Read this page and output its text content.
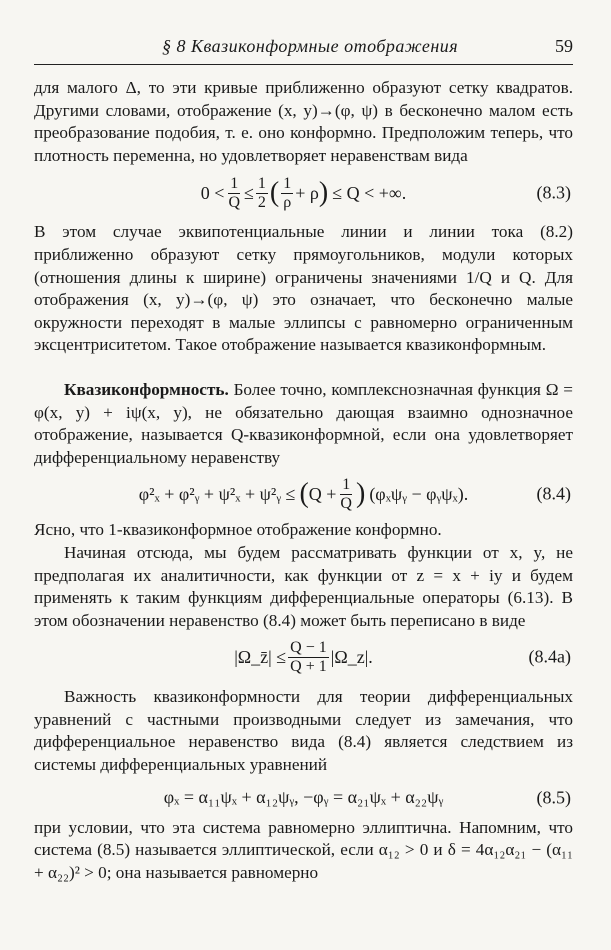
§ 8 Квазиконформные отображения	59

для малого Δ, то эти кривые приближенно образуют сетку квадратов. Другими словами, отображение (x, y)→(φ, ψ) в бесконечно малом есть преобразование подобия, т. е. оно конформно. Предположим теперь, что плотность переменна, но удовлетворяет неравенствам вида

$0 < \frac{1}{Q} \le \frac{1}{2}$ ( $\frac{1}{\rho} + \rho$ ) ≤ Q < +∞.	(8.3)

В этом случае эквипотенциальные линии и линии тока (8.2) приближенно образуют сетку прямоугольников, модули которых (отношения длины к ширине) ограничены значениями 1/Q и Q. Для отображения (x, y)→(φ, ψ) это означает, что бесконечно малые окружности переходят в малые эллипсы с равномерно ограниченным эксцентриситетом. Такое отображение называется квазиконформным.

Квазиконформность. Более точно, комплекснозначная функция Ω = φ(x, y) + iψ(x, y), не обязательно дающая взаимно однозначное отображение, называется Q-квазиконформной, если она удовлетворяет дифференциальному неравенству

φ²ₓ + φ²ᵧ + ψ²ₓ + ψ²ᵧ ≤ ( $Q + \frac{1}{Q}$ ) (φₓψᵧ − φᵧψₓ).	(8.4)

Ясно, что 1-квазиконформное отображение конформно.

Начиная отсюда, мы будем рассматривать функции от x, y, не предполагая их аналитичности, как функции от z = x + iy и будем применять к таким функциям дифференциальные операторы (6.13). В этом обозначении неравенство (8.4) может быть переписано в виде

|Ω_z̄| ≤ $\frac{Q - 1}{Q + 1}$ |Ω_z|.	(8.4a)

Важность квазиконформности для теории дифференциальных уравнений с частными производными следует из замечания, что дифференциальное неравенство вида (8.4) является следствием из системы дифференциальных уравнений

φₓ = α₁₁ψₓ + α₁₂ψᵧ, −φᵧ = α₂₁ψₓ + α₂₂ψᵧ	(8.5)

при условии, что эта система равномерно эллиптична. Напомним, что система (8.5) называется эллиптической, если α₁₂ > 0 и δ = 4α₁₂α₂₁ − (α₁₁ + α₂₂)² > 0; она называется равномерно
